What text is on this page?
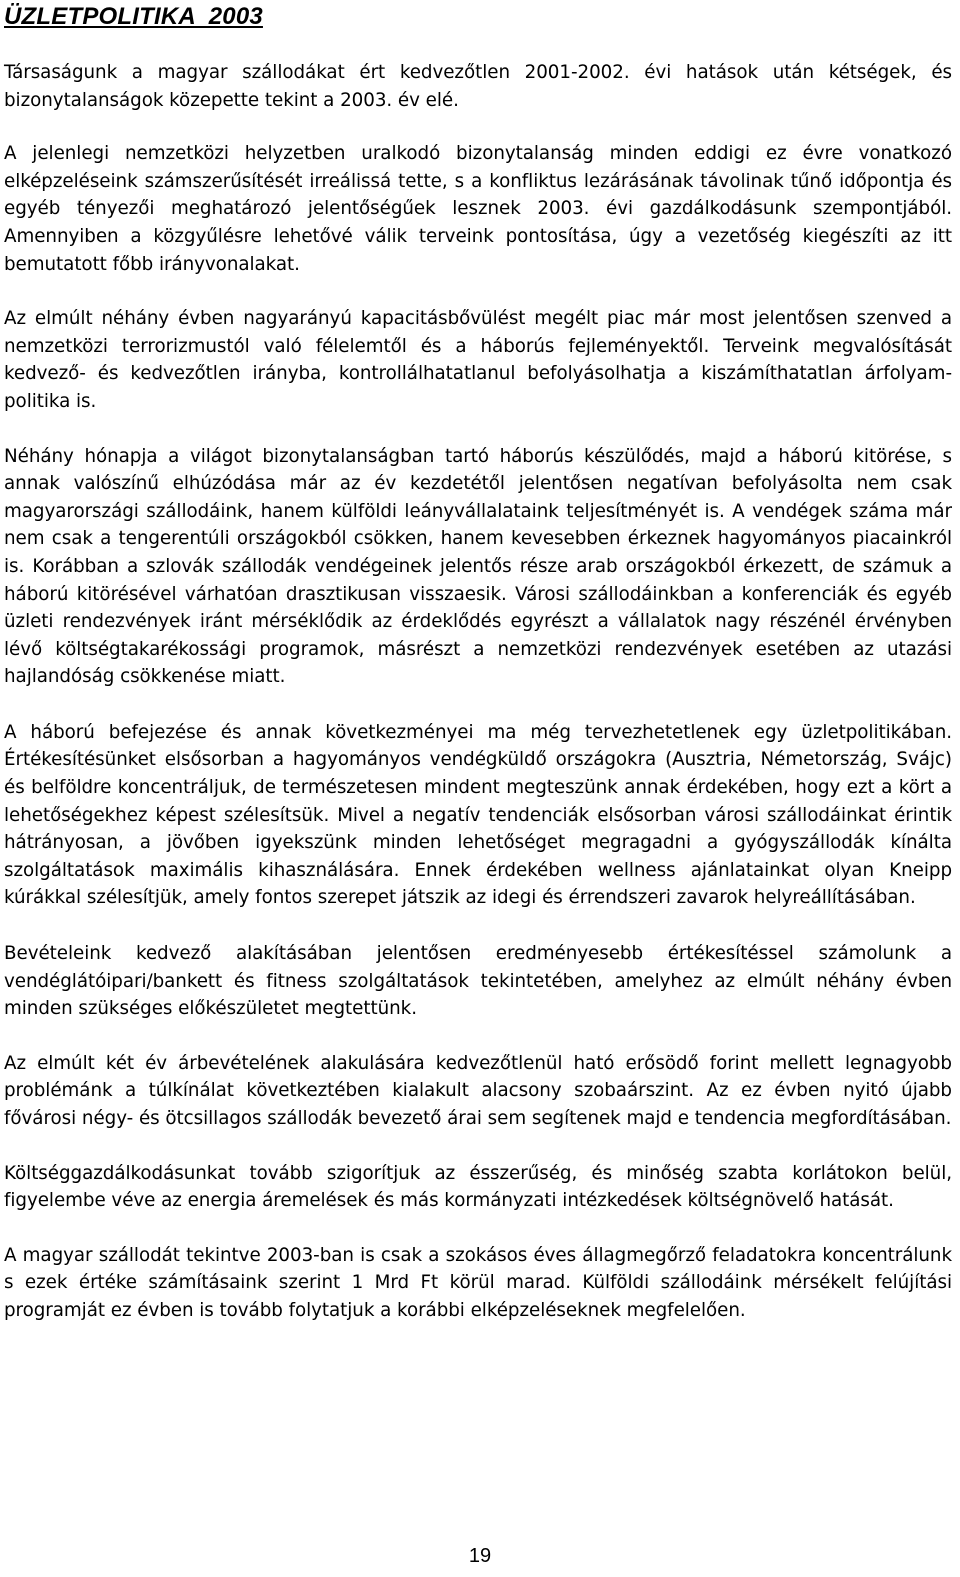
ÜZLETPOLITIKA  2003

Társaságunk a magyar szállodákat ért kedvezőtlen 2001-2002. évi hatások után kétségek, és bizonytalanságok közepette tekint a 2003. év elé.

A jelenlegi nemzetközi helyzetben uralkodó bizonytalanság minden eddigi ez évre vonatkozó elképzeléseink számszerűsítését irreálissá tette, s a konfliktus lezárásának távolinak tűnő időpontja és egyéb tényezői meghatározó jelentőségűek lesznek 2003. évi gazdálkodásunk szempontjából. Amennyiben a közgyűlésre lehetővé válik terveink pontosítása, úgy a vezetőség kiegészíti az itt bemutatott főbb irányvonalakat.

Az elmúlt néhány évben nagyarányú kapacitásbővülést megélt piac már most jelentősen szenved a nemzetközi terrorizmustól való félelemtől és a háborús fejleményektől. Terveink megvalósítását kedvező- és kedvezőtlen irányba, kontrollálhatatlanul befolyásolhatja a kiszámíthatatlan árfolyam-politika is.

Néhány hónapja a világot bizonytalanságban tartó háborús készülődés, majd a háború kitörése, s annak valószínű elhúzódása már az év kezdetétől jelentősen negatívan befolyásolta nem csak magyarországi szállodáink, hanem külföldi leányvállalataink teljesítményét is. A vendégek száma már nem csak a tengerentúli országokból csökken, hanem kevesebben érkeznek hagyományos piacainkról is. Korábban a szlovák szállodák vendégeinek jelentős része arab országokból érkezett, de számuk a háború kitörésével várhatóan drasztikusan visszaesik. Városi szállodáinkban a konferenciák és egyéb üzleti rendezvények iránt mérséklődik az érdeklődés egyrészt a vállalatok nagy részénél érvényben lévő költségtakarékossági programok, másrészt a nemzetközi rendezvények esetében az utazási hajlandóság csökkenése miatt.

A háború befejezése és annak következményei ma még tervezhetetlenek egy üzletpolitikában. Értékesítésünket elsősorban a hagyományos vendégküldő országokra (Ausztria, Németország, Svájc) és belföldre koncentráljuk, de természetesen mindent megteszünk annak érdekében, hogy ezt a kört a lehetőségekhez képest szélesítsük. Mivel a negatív tendenciák elsősorban városi szállodáinkat érintik hátrányosan, a jövőben igyekszünk minden lehetőséget megragadni a gyógyszállodák kínálta szolgáltatások maximális kihasználására. Ennek érdekében wellness ajánlatainkat olyan Kneipp kúrákkal szélesítjük, amely fontos szerepet játszik az idegi és érrendszeri zavarok helyreállításában.

Bevételeink kedvező alakításában jelentősen eredményesebb értékesítéssel számolunk a vendéglátóipari/bankett és fitness szolgáltatások tekintetében, amelyhez az elmúlt néhány évben minden szükséges előkészületet megtettünk.

Az elmúlt két év árbevételének alakulására kedvezőtlenül ható erősödő forint mellett legnagyobb problémánk a túlkínálat következtében kialakult alacsony szobaárszint. Az ez évben nyitó újabb fővárosi négy- és ötcsillagos szállodák bevezető árai sem segítenek majd e tendencia megfordításában.

Költséggazdálkodásunkat tovább szigorítjuk az ésszerűség, és minőség szabta korlátokon belül, figyelembe véve az energia áremelések és más kormányzati intézkedések költségnövelő hatását.

A magyar szállodát tekintve 2003-ban is csak a szokásos éves állagmegőrző feladatokra koncentrálunk s ezek értéke számításaink szerint 1 Mrd Ft körül marad. Külföldi szállodáink mérsékelt felújítási programját ez évben is tovább folytatjuk a korábbi elképzeléseknek megfelelően.

19
